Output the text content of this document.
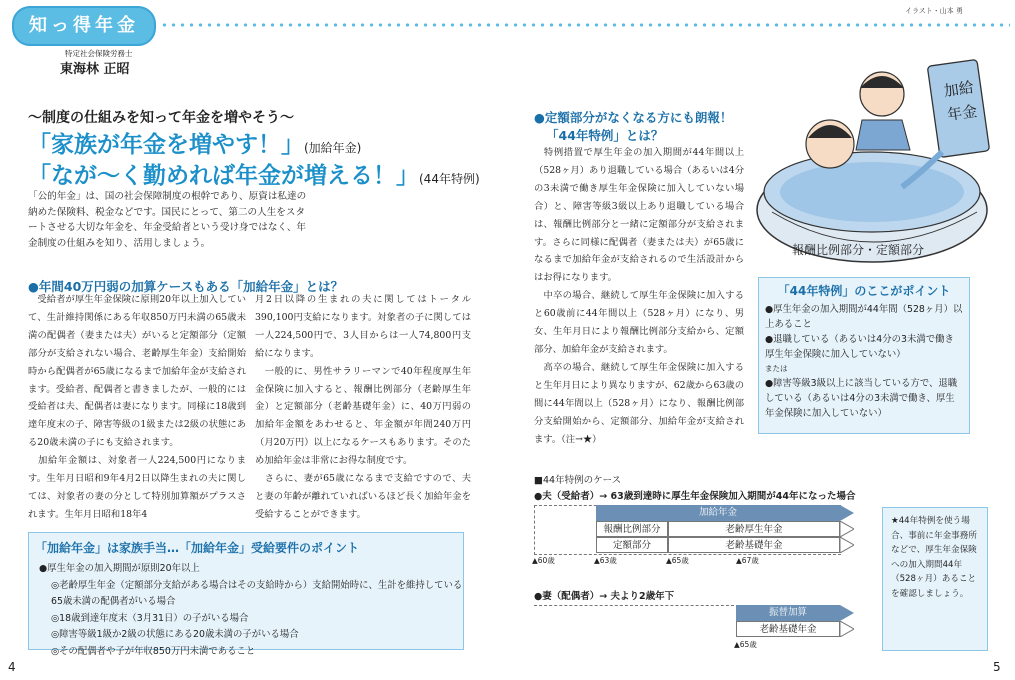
知っ得年金
特定社会保険労務士
東海林 正昭
イラスト・山本 勇
～制度の仕組みを知って年金を増やそう～
「家族が年金を増やす！」(加給年金)
「なが～く勤めれば年金が増える！」(44年特例)
「公的年金」は、国の社会保障制度の根幹であり、原資は私達の納めた保険料、税金などです。国民にとって、第二の人生をスタートさせる大切な年金を、年金受給者という受け身ではなく、年金制度の仕組みを知り、活用しましょう。
●年間40万円弱の加算ケースもある「加給年金」とは？
　受給者が厚生年金保険に原則20年以上加入していて、生計維持関係にある年収850万円未満の65歳未満の配偶者（妻または夫）がいると定額部分（定額部分が支給されない場合、老齢厚生年金）支給開始時から配偶者が65歳になるまで加給年金が支給されます。受給者、配偶者と書きましたが、一般的には受給者は夫、配偶者は妻になります。同様に18歳到達年度末の子、障害等級の1級または2級の状態にある20歳未満の子にも支給されます。
　加給年金額は、対象者一人224,500円になります。生年月日昭和9年4月2日以降生まれの夫に関しては、対象者の妻の分として特別加算額がプラスされます。生年月日昭和18年4
月2日以降の生まれの夫に関してはトータル390,100円支給になります。対象者の子に関しては一人224,500円で、3人目からは一人74,800円支給になります。
　一般的に、男性サラリーマンで40年程度厚生年金保険に加入すると、報酬比例部分（老齢厚生年金）と定額部分（老齢基礎年金）に、40万円弱の加給年金額をあわせると、年金額が年間240万円（月20万円）以上になるケースもあります。そのため加給年金は非常にお得な制度です。
　さらに、妻が65歳になるまで支給ですので、夫と妻の年齢が離れていればいるほど長く加給年金を受給することができます。
「加給年金」は家族手当…「加給年金」受給要件のポイント
●厚生年金の加入期間が原則20年以上
◎老齢厚生年金（定額部分支給がある場合はその支給時から）支給開始時に、生計を維持している65歳未満の配偶者がいる場合
◎18歳到達年度末（3月31日）の子がいる場合
◎障害等級1級か2級の状態にある20歳未満の子がいる場合
◎その配偶者や子が年収850万円未満であること
●定額部分がなくなる方にも朗報！
「44年特例」とは？
　特例措置で厚生年金の加入期間が44年間以上（528ヶ月）あり退職している場合（あるいは4分の3未満で働き厚生年金保険に加入していない場合）と、障害等級3級以上あり退職している場合は、報酬比例部分と一緒に定額部分が支給されます。さらに同様に配偶者（妻または夫）が65歳になるまで加給年金が支給されるので生活設計からはお得になります。
　中卒の場合、継続して厚生年金保険に加入すると60歳前に44年間以上（528ヶ月）になり、男女、生年月日により報酬比例部分支給から、定額部分、加給年金が支給されます。
　高卒の場合、継続して厚生年金保険に加入すると生年月日により異なりますが、62歳から63歳の間に44年間以上（528ヶ月）になり、報酬比例部分支給開始から、定額部分、加給年金が支給されます。（注→★）
加給
年金
報酬比例部分・定額部分
「44年特例」のここがポイント
●厚生年金の加入期間が44年間（528ヶ月）以上あること
●退職している（あるいは4分の3未満で働き厚生年金保険に加入していない）
または
●障害等級3級以上に該当している方で、退職している（あるいは4分の3未満で働き、厚生年金保険に加入していない）
■44年特例のケース
●夫（受給者）→ 63歳到達時に厚生年金保険加入期間が44年になった場合
加給年金
報酬比例部分	老齢厚生年金
定額部分	老齢基礎年金
▲60歳	▲63歳	▲65歳	▲67歳
●妻（配偶者）→ 夫より2歳年下
振替加算
老齢基礎年金
▲65歳
★44年特例を使う場合、事前に年金事務所などで、厚生年金保険への加入期間44年（528ヶ月）あることを確認しましょう。
4	5
